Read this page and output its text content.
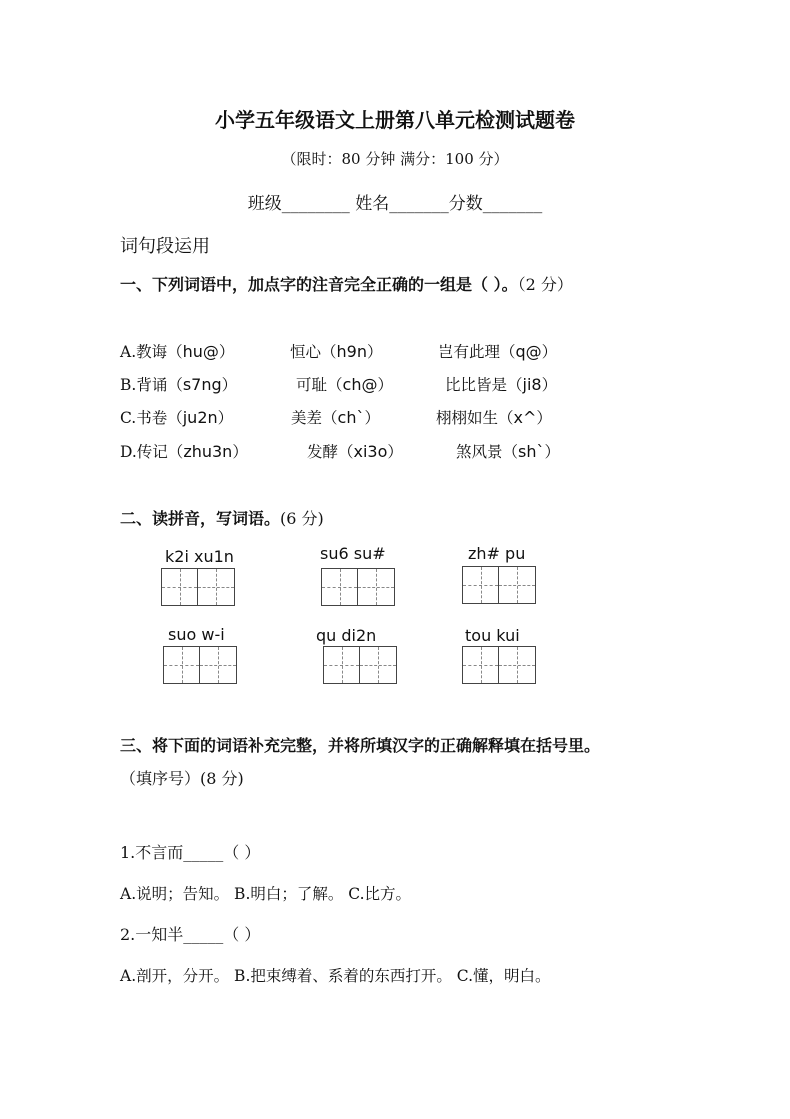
小学五年级语文上册第八单元检测试题卷
（限时：80 分钟 满分：100 分）
班级________ 姓名_______分数_______
词句段运用
一、下列词语中，加点字的注音完全正确的一组是（ ）。（2 分）
A.教诲（hu@）	恒心（h9n）	岂有此理（q@）
B.背诵（s7ng）	可耻（ch@）	比比皆是（ji8）
C.书卷（ju2n）	美差（ch`）	栩栩如生（x^）
D.传记（zhu3n）	发酵（xi3o）	煞风景（sh`）
二、读拼音，写词语。(6 分)
k2i xu1n	su6 su#	zh# pu
suo w-i	qu di2n	tou kui
三、将下面的词语补充完整，并将所填汉字的正确解释填在括号里。
（填序号）(8 分)
1.不言而_____（ ）
A.说明；告知。 B.明白；了解。 C.比方。
2.一知半_____（ ）
A.剖开，分开。 B.把束缚着、系着的东西打开。 C.懂，明白。
